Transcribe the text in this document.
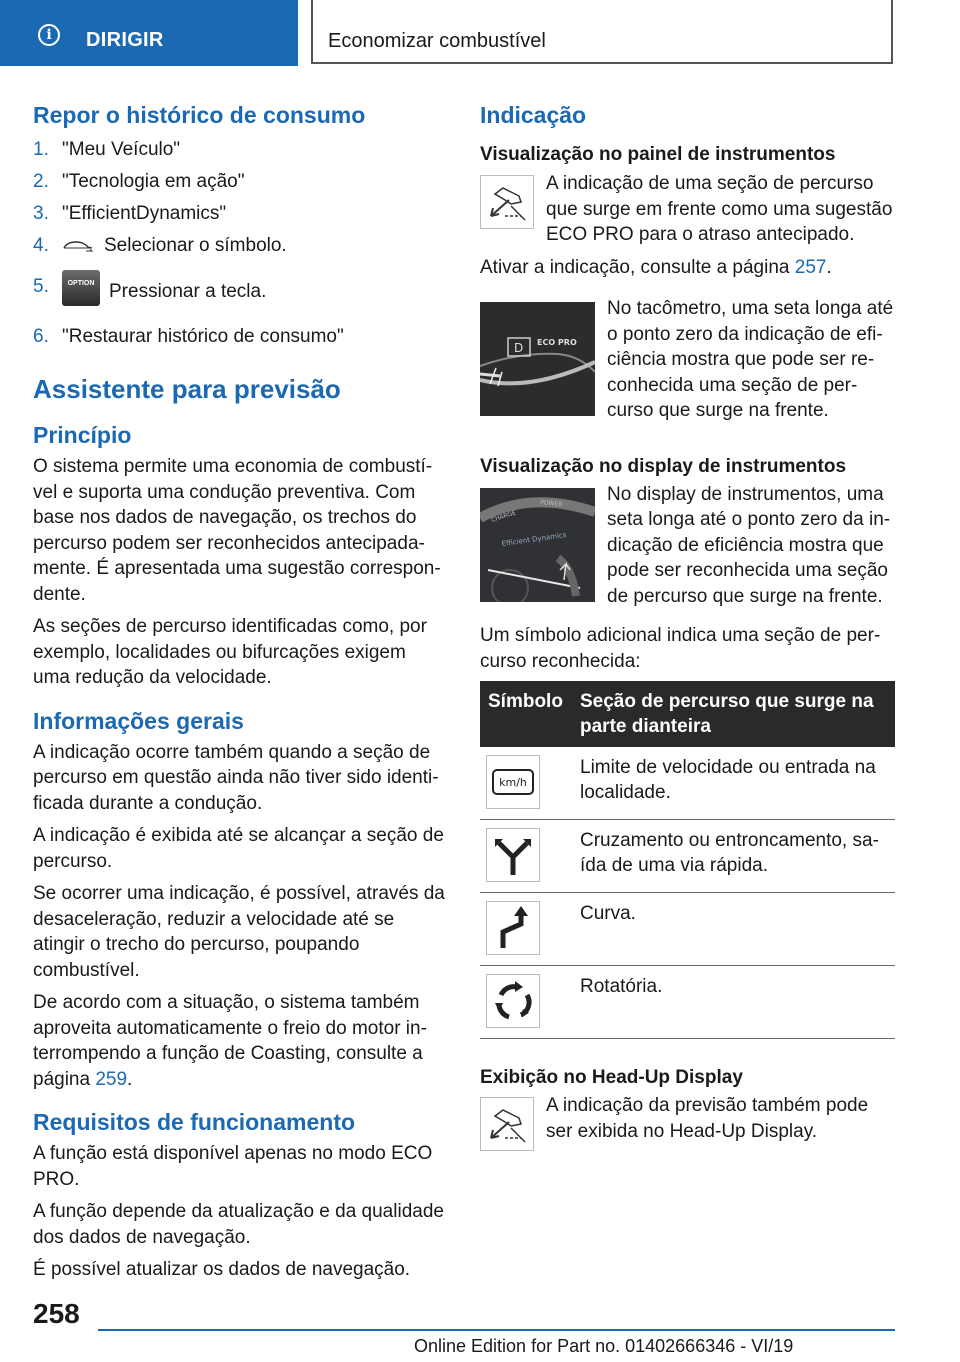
i	DIRIGIR	Economizar combustível
Repor o histórico de consumo
1. "Meu Veículo"
2. "Tecnologia em ação"
3. "EfficientDynamics"
4.	Selecionar o símbolo.
5.	OPTION Pressionar a tecla.
6. "Restaurar histórico de consumo"
Assistente para previsão
Princípio

O sistema permite uma economia de combustível e suporta uma condução preventiva. Com base nos dados de navegação, os trechos do percurso podem ser reconhecidos antecipadamente. É apresentada uma sugestão correspondente.

As seções de percurso identificadas como, por exemplo, localidades ou bifurcações exigem uma redução da velocidade.

Informações gerais

A indicação ocorre também quando a seção de percurso em questão ainda não tiver sido identificada durante a condução.

A indicação é exibida até se alcançar a seção de percurso.

Se ocorrer uma indicação, é possível, através da desaceleração, reduzir a velocidade até se atingir o trecho do percurso, poupando combustível.

De acordo com a situação, o sistema também aproveita automaticamente o freio do motor interrompendo a função de Coasting, consulte a página 259.

Requisitos de funcionamento

A função está disponível apenas no modo ECO PRO.

A função depende da atualização e da qualidade dos dados de navegação.

É possível atualizar os dados de navegação.

Indicação
Visualização no painel de instrumentos

A indicação de uma seção de percurso que surge em frente como uma sugestão ECO PRO para o atraso antecipado.

Ativar a indicação, consulte a página 257.

D ECO PRO

No tacômetro, uma seta longa até o ponto zero da indicação de eficiência mostra que pode ser reconhecida uma seção de percurso que surge na frente.

Visualização no display de instrumentos
CHARGE
POWER
Efficient Dynamics

No display de instrumentos, uma seta longa até o ponto zero da indicação de eficiência mostra que pode ser reconhecida uma seção de percurso que surge na frente.

Um símbolo adicional indica uma seção de percurso reconhecida:

Símbolo	Seção de percurso que surge na parte dianteira

km/h	Limite de velocidade ou entrada na localidade.

	Cruzamento ou entroncamento, saída de uma via rápida.

	Curva.

	Rotatória.
Exibição no Head-Up Display

A indicação da previsão também pode ser exibida no Head-Up Display.

258
Online Edition for Part no. 01402666346 - VI/19
